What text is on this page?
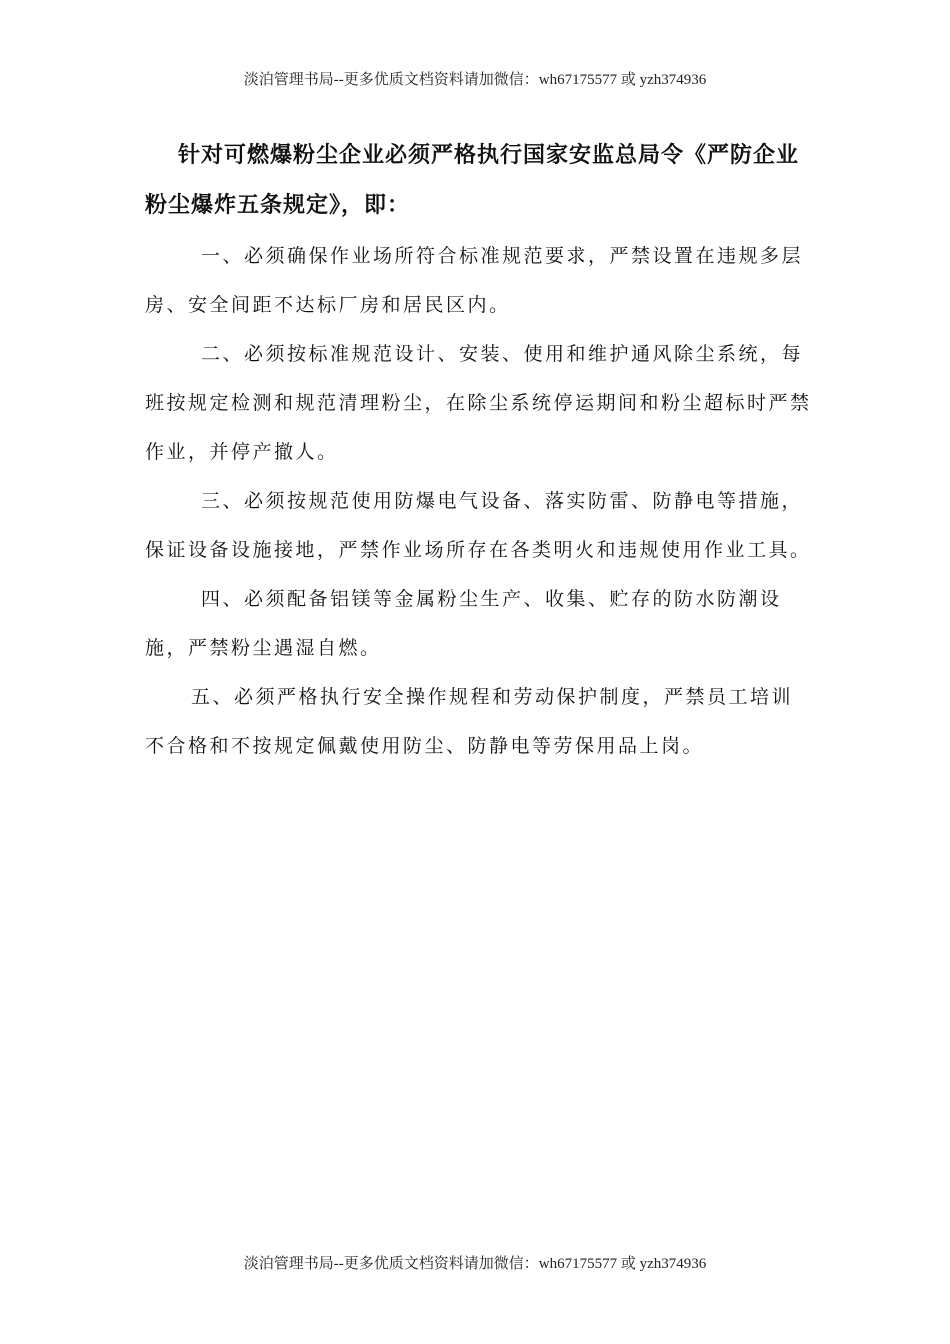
淡泊管理书局--更多优质文档资料请加微信：wh67175577 或 yzh374936

针对可燃爆粉尘企业必须严格执行国家安监总局令《严防企业粉尘爆炸五条规定》，即：

一、必须确保作业场所符合标准规范要求，严禁设置在违规多层房、安全间距不达标厂房和居民区内。

二、必须按标准规范设计、安装、使用和维护通风除尘系统，每班按规定检测和规范清理粉尘，在除尘系统停运期间和粉尘超标时严禁作业，并停产撤人。

三、必须按规范使用防爆电气设备、落实防雷、防静电等措施，保证设备设施接地，严禁作业场所存在各类明火和违规使用作业工具。

四、必须配备铝镁等金属粉尘生产、收集、贮存的防水防潮设施，严禁粉尘遇湿自燃。

五、必须严格执行安全操作规程和劳动保护制度，严禁员工培训不合格和不按规定佩戴使用防尘、防静电等劳保用品上岗。

淡泊管理书局--更多优质文档资料请加微信：wh67175577 或 yzh374936
